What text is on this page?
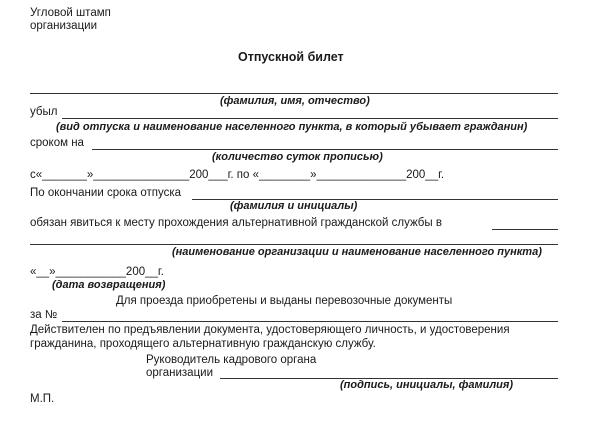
Угловой штамп
организации
Отпускной билет
(фамилия, имя, отчество)
убыл
(вид отпуска и наименование населенного пункта, в который убывает гражданин)
сроком на
(количество суток прописью)
с«_______»_______________200___г. по «________»______________200__г.
По окончании срока отпуска
(фамилия и инициалы)
обязан явиться к месту прохождения альтернативной гражданской службы в
(наименование организации и наименование населенного пункта)
«__»___________200__г.
(дата возвращения)
Для проезда приобретены и выданы перевозочные документы
за №
Действителен по предъявлении документа, удостоверяющего личность, и удостоверения
гражданина, проходящего альтернативную гражданскую службу.
Руководитель кадрового органа
организации
(подпись, инициалы, фамилия)
М.П.
